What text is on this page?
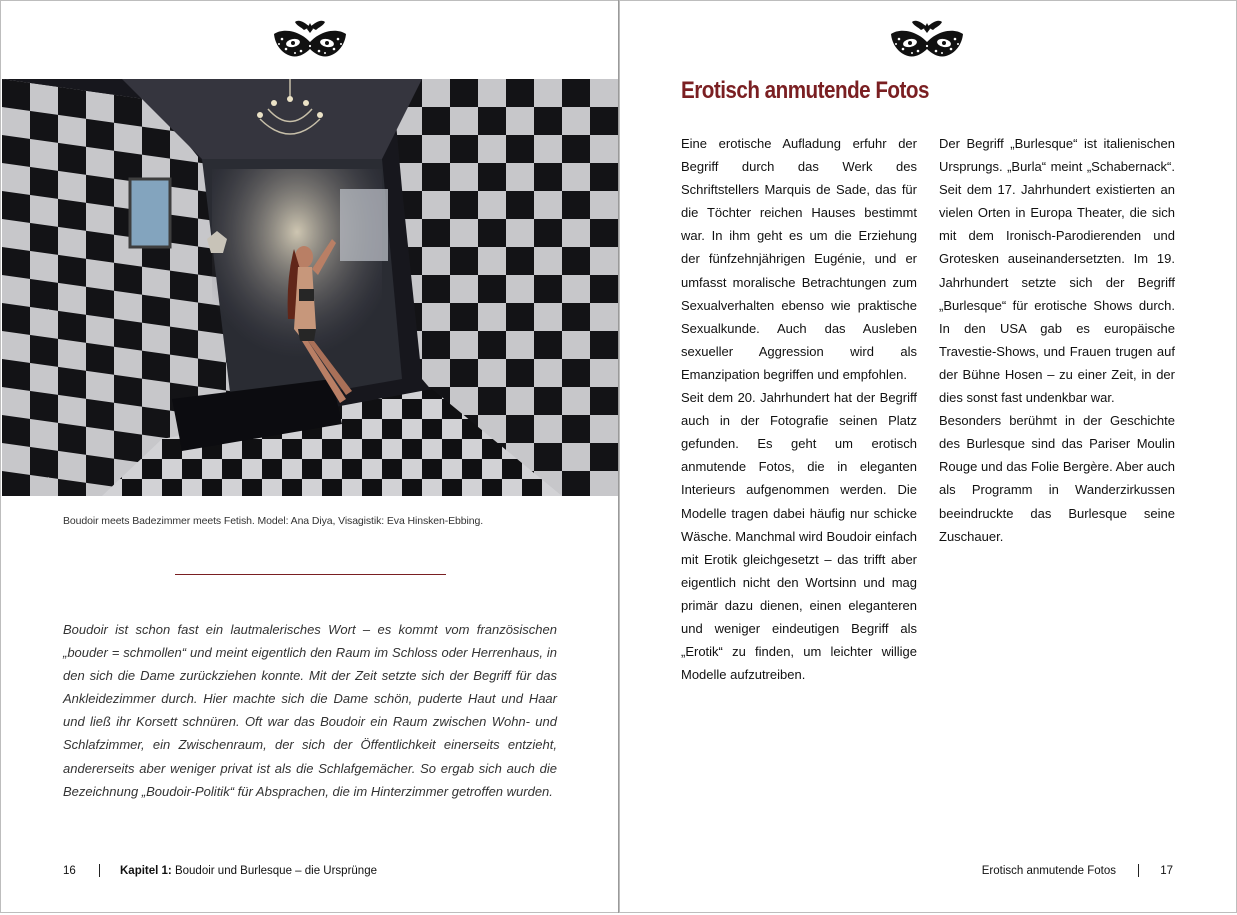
Boudoir meets Badezimmer meets Fetish. Model: Ana Diya, Visagistik: Eva Hinsken-Ebbing.
Boudoir ist schon fast ein lautmalerisches Wort – es kommt vom französischen „bouder = schmollen“ und meint eigentlich den Raum im Schloss oder Herrenhaus, in den sich die Dame zurückziehen konnte. Mit der Zeit setzte sich der Begriff für das Ankleidezimmer durch. Hier machte sich die Dame schön, puderte Haut und Haar und ließ ihr Korsett schnüren. Oft war das Boudoir ein Raum zwischen Wohn- und Schlafzimmer, ein Zwischenraum, der sich der Öffentlichkeit einerseits entzieht, andererseits aber weniger privat ist als die Schlafgemächer. So ergab sich auch die Bezeichnung „Boudoir-Politik“ für Absprachen, die im Hinterzimmer getroffen wurden.
16	Kapitel 1: Boudoir und Burlesque – die Ursprünge
Erotisch anmutende Fotos

Eine erotische Aufladung erfuhr der Begriff durch das Werk des Schriftstellers Marquis de Sade, das für die Töchter reichen Hauses bestimmt war. In ihm geht es um die Erziehung der fünfzehnjährigen Eugénie, und er umfasst moralische Betrachtungen zum Sexualverhalten ebenso wie praktische Sexualkunde. Auch das Ausleben sexueller Aggression wird als Emanzipation begriffen und empfohlen.

Seit dem 20. Jahrhundert hat der Begriff auch in der Fotografie seinen Platz gefunden. Es geht um erotisch anmutende Fotos, die in eleganten Interieurs aufgenommen werden. Die Modelle tragen dabei häufig nur schicke Wäsche. Manchmal wird Boudoir einfach mit Erotik gleichgesetzt – das trifft aber eigentlich nicht den Wortsinn und mag primär dazu dienen, einen eleganteren und weniger eindeutigen Begriff als „Erotik“ zu finden, um leichter willige Modelle aufzutreiben.

Der Begriff „Burlesque“ ist italienischen Ursprungs. „Burla“ meint „Schabernack“. Seit dem 17. Jahrhundert existierten an vielen Orten in Europa Theater, die sich mit dem Ironisch-Parodierenden und Grotesken auseinandersetzten. Im 19. Jahrhundert setzte sich der Begriff „Burlesque“ für erotische Shows durch. In den USA gab es europäische Travestie-Shows, und Frauen trugen auf der Bühne Hosen – zu einer Zeit, in der dies sonst fast undenkbar war.

Besonders berühmt in der Geschichte des Burlesque sind das Pariser Moulin Rouge und das Folie Bergère. Aber auch als Programm in Wanderzirkussen beeindruckte das Burlesque seine Zuschauer.

Erotisch anmutende Fotos	17
